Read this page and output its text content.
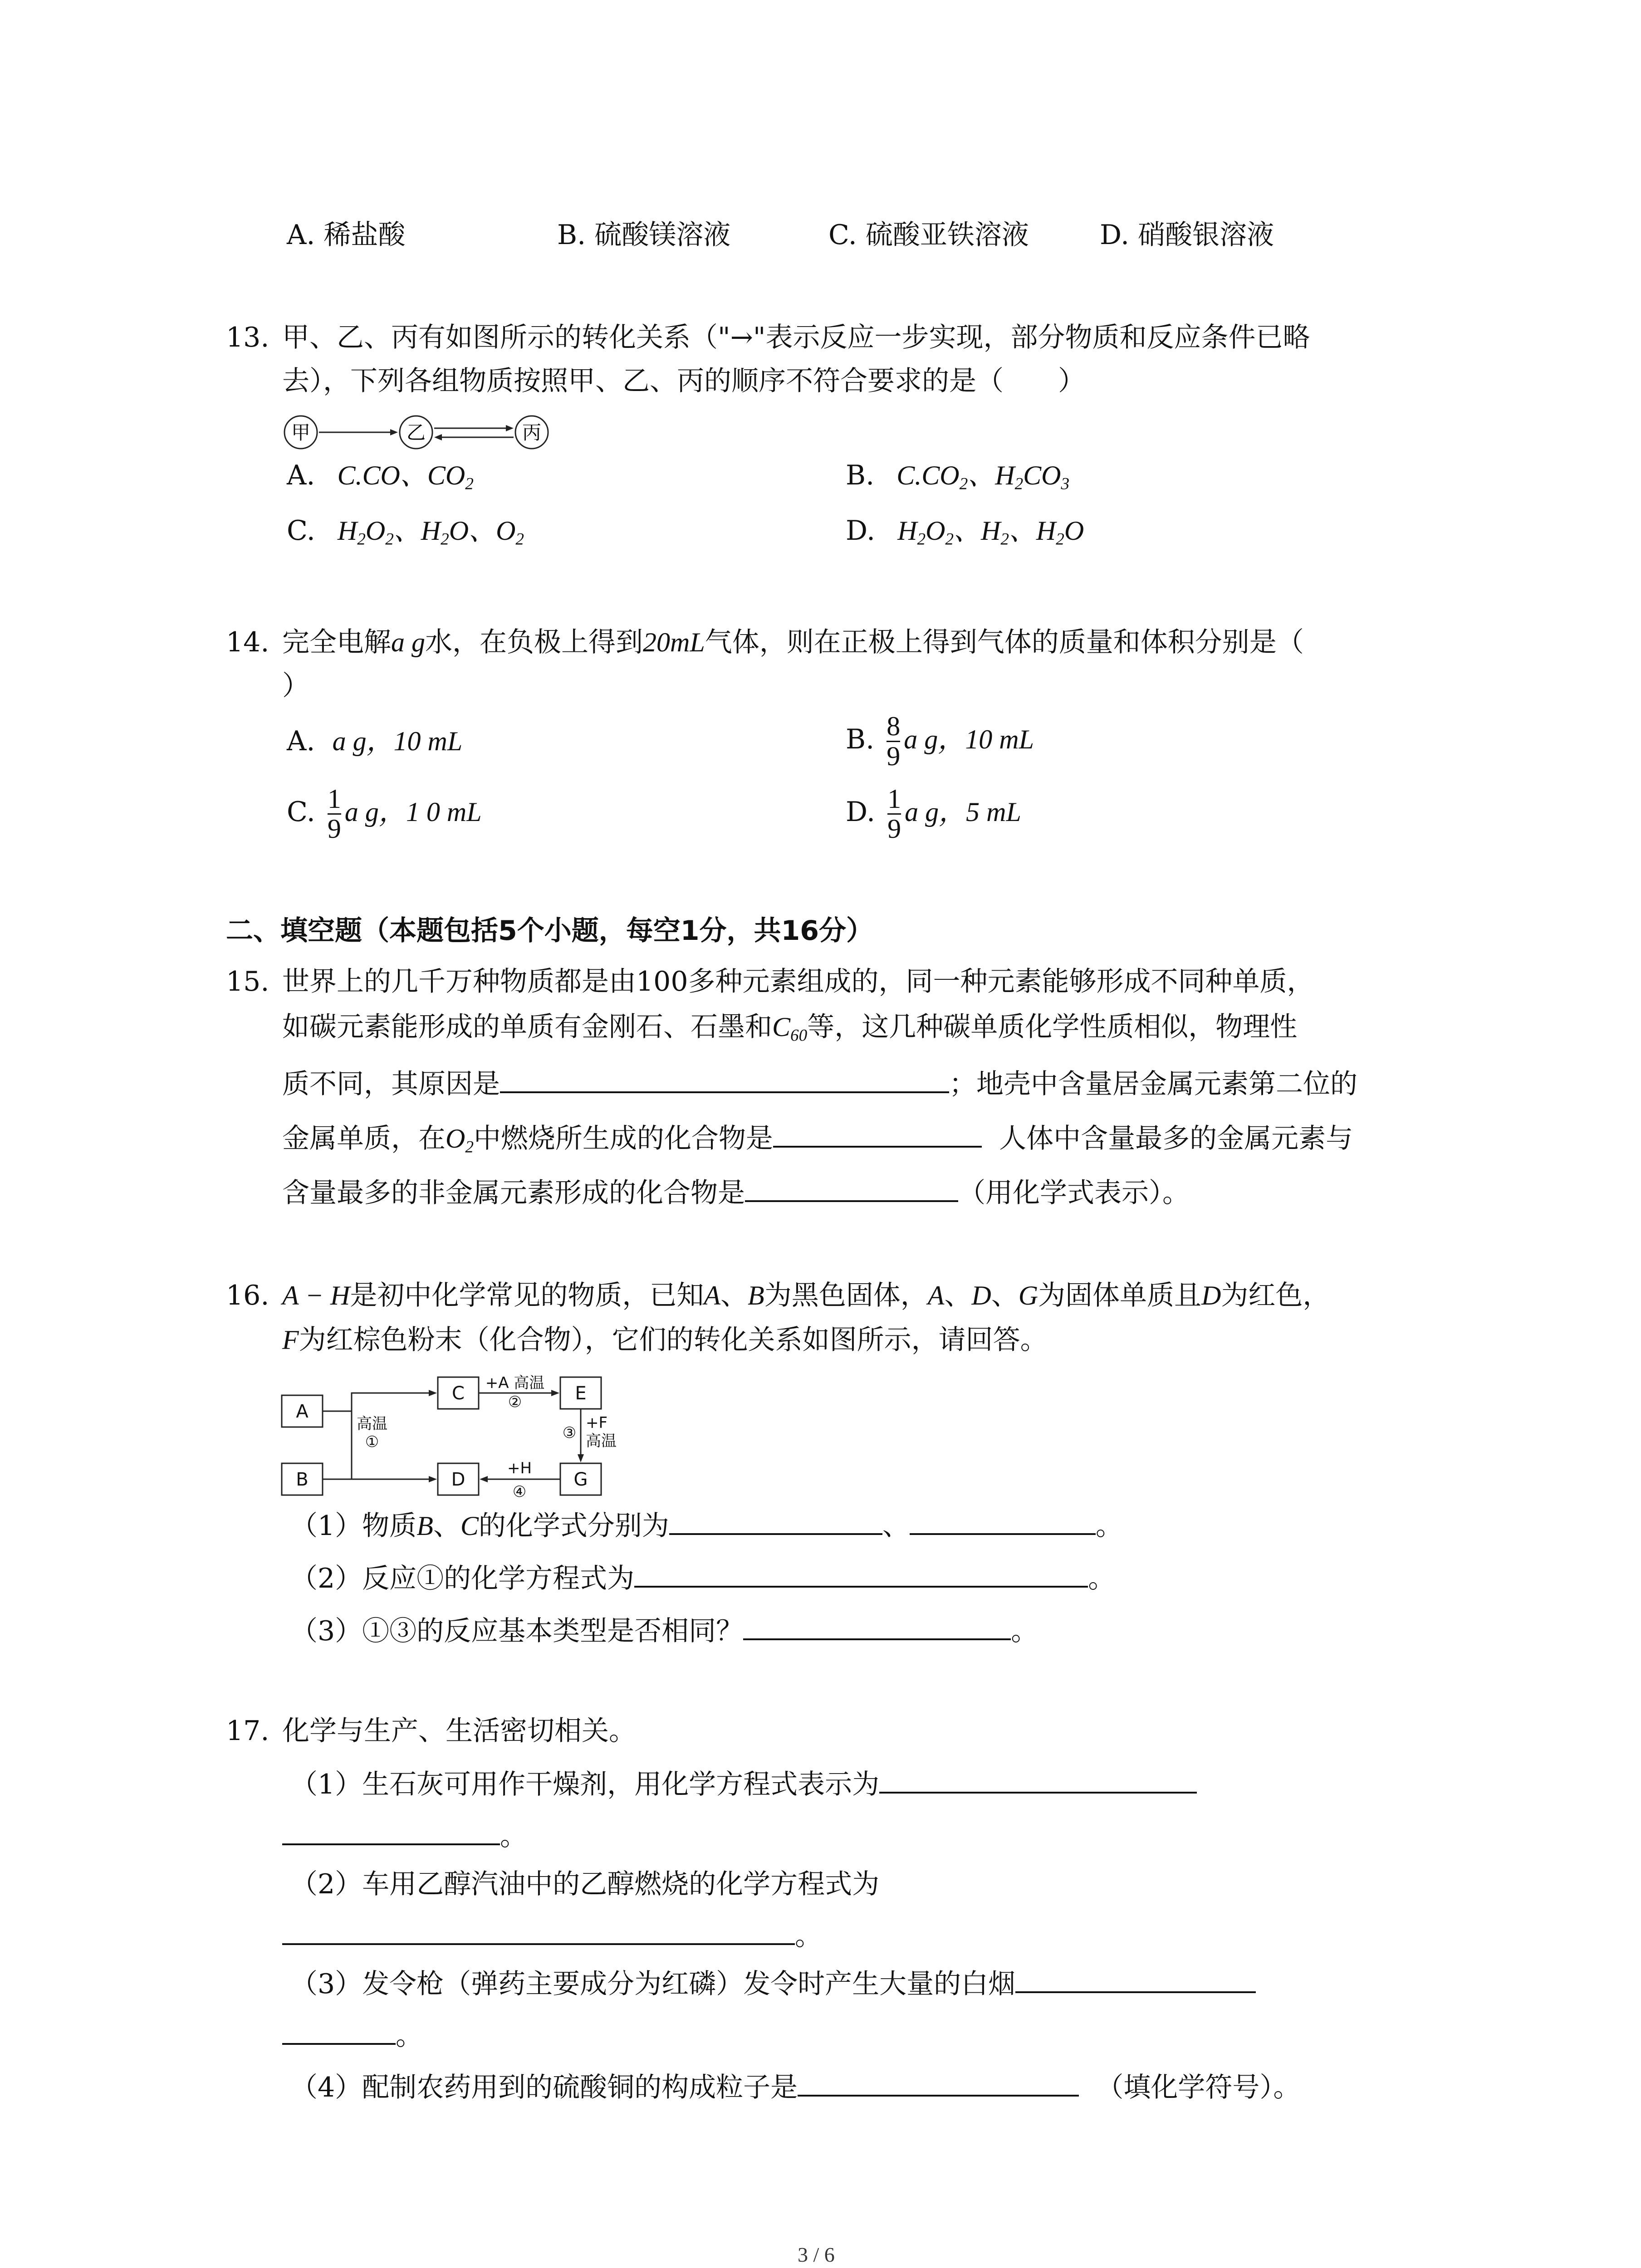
A. 稀盐酸	B. 硫酸镁溶液	C. 硫酸亚铁溶液	D. 硝酸银溶液
13. 甲、乙、丙有如图所示的转化关系（"→"表示反应一步实现，部分物质和反应条件已略
去），下列各组物质按照甲、乙、丙的顺序不符合要求的是（　　）
甲	乙	丙
A.   C.CO、$CO_2$	B.   $C.CO_2$、$H_2CO_3$
C.   $H_2O_2$、$H_2O$、$O_2$	D.   $H_2O_2$、$H_2$、$H_2O$
14. 完全电解a g水，在负极上得到20mL气体，则在正极上得到气体的质量和体积分别是（
）
A. a g，10 mL	B. $\frac{8}{9}$ a g，10 mL
C. $\frac{1}{9}$ a g，1 0 mL	D. $\frac{1}{9}$ a g，5 mL
二、填空题（本题包括5个小题，每空1分，共16分）
15. 世界上的几千万种物质都是由100多种元素组成的，同一种元素能够形成不同种单质，
如碳元素能形成的单质有金刚石、石墨和$C_{60}$等，这几种碳单质化学性质相似，物理性
质不同，其原因是	；地壳中含量居金属元素第二位的
金属单质，在$O_2$中燃烧所生成的化合物是	人体中含量最多的金属元素与
含量最多的非金属元素形成的化合物是	（用化学式表示）。
16. A − H是初中化学常见的物质，已知A、B为黑色固体，A、D、G为固体单质且D为红色，
F为红棕色粉末（化合物），它们的转化关系如图所示，请回答。
A
B
C	E
D	G
高温
①
+A 高温
②
③
+F
高温
+H
④
（1）物质B、C的化学式分别为	、	。
（2）反应①的化学方程式为	。
（3）①③的反应基本类型是否相同？	。
17. 化学与生产、生活密切相关。
（1）生石灰可用作干燥剂，用化学方程式表示为
。
（2）车用乙醇汽油中的乙醇燃烧的化学方程式为
。
（3）发令枪（弹药主要成分为红磷）发令时产生大量的白烟
。
（4）配制农药用到的硫酸铜的构成粒子是	（填化学符号）。
3 / 6
